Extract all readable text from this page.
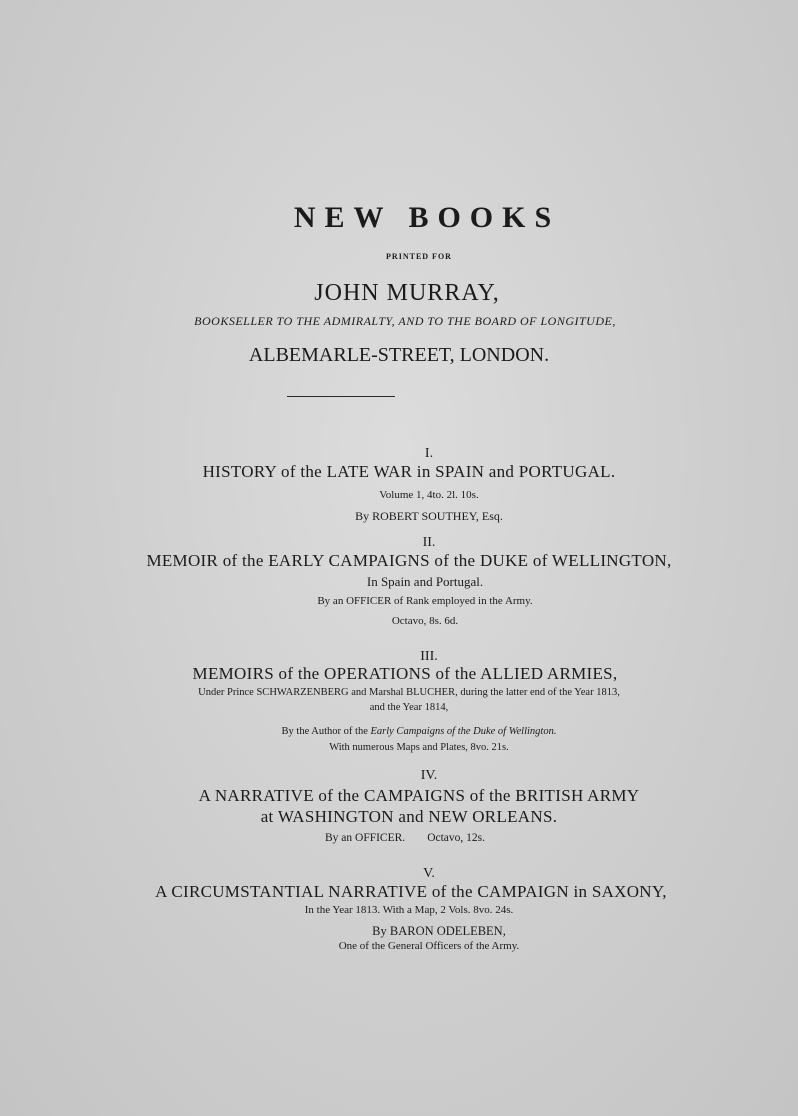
NEW BOOKS
PRINTED FOR
JOHN MURRAY,
BOOKSELLER TO THE ADMIRALTY, AND TO THE BOARD OF LONGITUDE,
ALBEMARLE-STREET, LONDON.
I.
HISTORY of the LATE WAR in SPAIN and PORTUGAL.
Volume 1, 4to. 2l. 10s.
By ROBERT SOUTHEY, Esq.
II.
MEMOIR of the EARLY CAMPAIGNS of the DUKE of WELLINGTON,
In Spain and Portugal.
By an OFFICER of Rank employed in the Army.
Octavo, 8s. 6d.
III.
MEMOIRS of the OPERATIONS of the ALLIED ARMIES,
Under Prince SCHWARZENBERG and Marshal BLUCHER, during the latter end of the Year 1813,
and the Year 1814,
By the Author of the Early Campaigns of the Duke of Wellington.
With numerous Maps and Plates, 8vo. 21s.
IV.
A NARRATIVE of the CAMPAIGNS of the BRITISH ARMY
at WASHINGTON and NEW ORLEANS.
By an OFFICER. Octavo, 12s.
V.
A CIRCUMSTANTIAL NARRATIVE of the CAMPAIGN in SAXONY,
In the Year 1813. With a Map, 2 Vols. 8vo. 24s.
By BARON ODELEBEN,
One of the General Officers of the Army.
